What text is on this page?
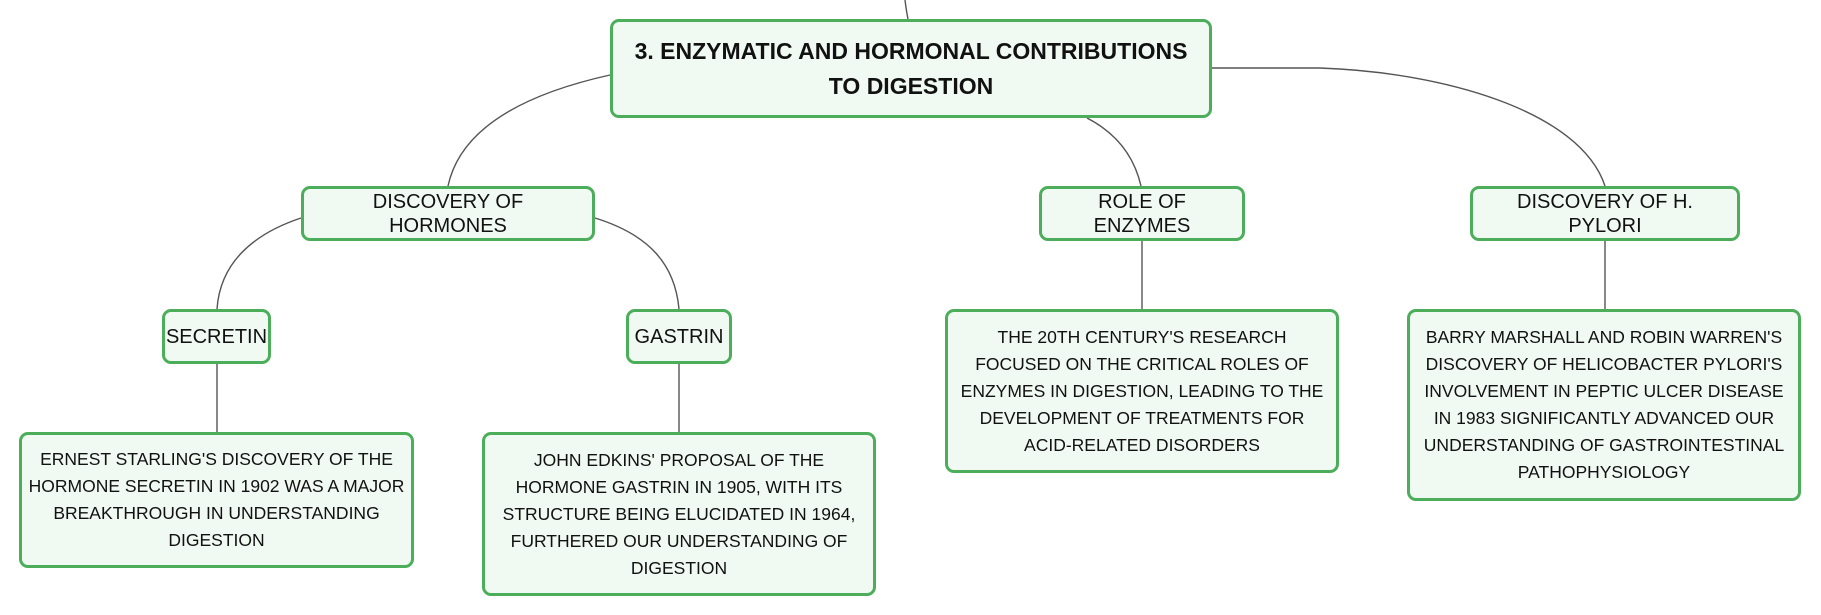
3. ENZYMATIC AND HORMONAL CONTRIBUTIONS TO DIGESTION
DISCOVERY OF HORMONES
ROLE OF ENZYMES
DISCOVERY OF H. PYLORI
SECRETIN	GASTRIN
ERNEST STARLING'S DISCOVERY OF THE HORMONE SECRETIN IN 1902 WAS A MAJOR BREAKTHROUGH IN UNDERSTANDING DIGESTION
JOHN EDKINS' PROPOSAL OF THE HORMONE GASTRIN IN 1905, WITH ITS STRUCTURE BEING ELUCIDATED IN 1964, FURTHERED OUR UNDERSTANDING OF DIGESTION
THE 20TH CENTURY'S RESEARCH FOCUSED ON THE CRITICAL ROLES OF ENZYMES IN DIGESTION, LEADING TO THE DEVELOPMENT OF TREATMENTS FOR ACID-RELATED DISORDERS
BARRY MARSHALL AND ROBIN WARREN'S DISCOVERY OF HELICOBACTER PYLORI'S INVOLVEMENT IN PEPTIC ULCER DISEASE IN 1983 SIGNIFICANTLY ADVANCED OUR UNDERSTANDING OF GASTROINTESTINAL PATHOPHYSIOLOGY
